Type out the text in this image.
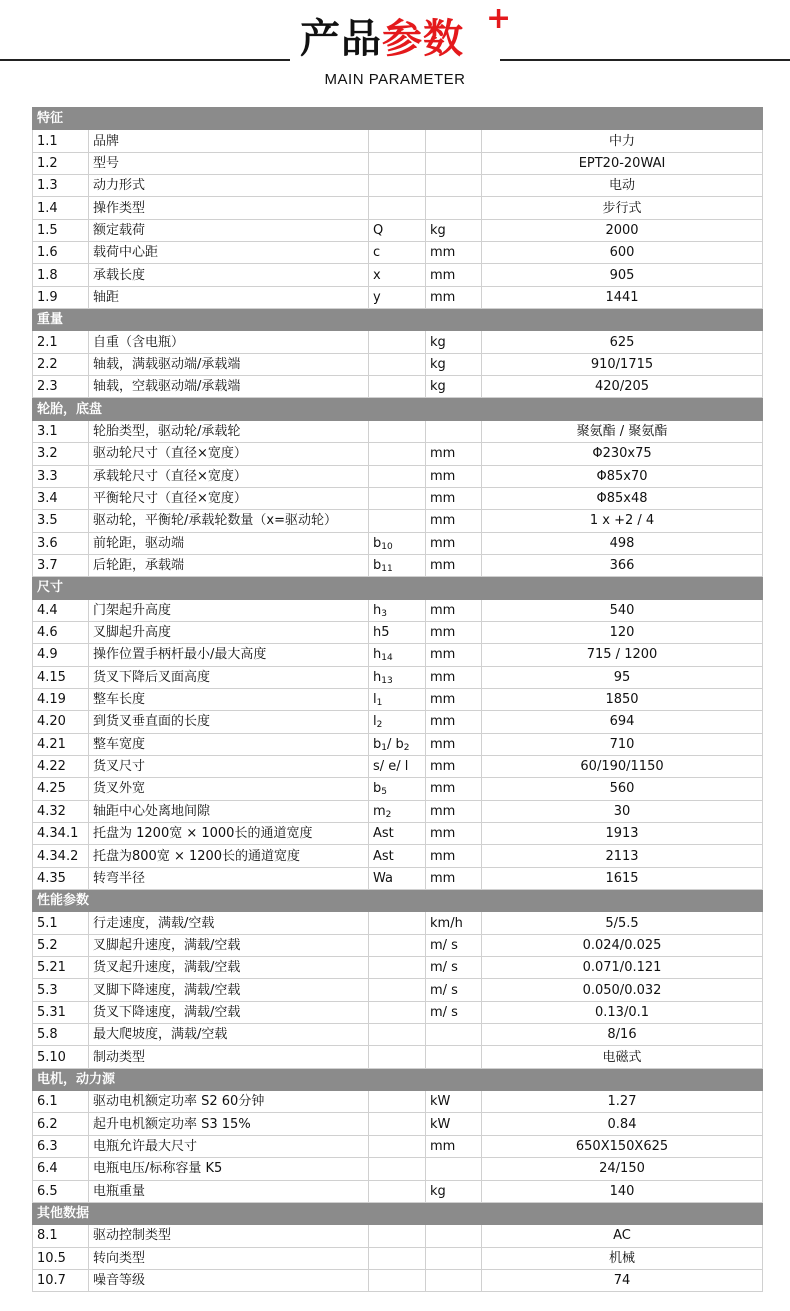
产品参数 +
MAIN PARAMETER
特征				
1.1	品牌			中力
1.2	型号			EPT20-20WAI
1.3	动力形式			电动
1.4	操作类型			步行式
1.5	额定载荷	Q	kg	2000
1.6	载荷中心距	c	mm	600
1.8	承载长度	x	mm	905
1.9	轴距	y	mm	1441
重量				
2.1	自重（含电瓶）		kg	625
2.2	轴载，满载驱动端/承载端		kg	910/1715
2.3	轴载，空载驱动端/承载端		kg	420/205
轮胎，底盘				
3.1	轮胎类型，驱动轮/承载轮			聚氨酯 / 聚氨酯
3.2	驱动轮尺寸（直径×宽度）		mm	Φ230x75
3.3	承载轮尺寸（直径×宽度）		mm	Φ85x70
3.4	平衡轮尺寸（直径×宽度）		mm	Φ85x48
3.5	驱动轮，平衡轮/承载轮数量（x=驱动轮）		mm	1 x +2 / 4
3.6	前轮距，驱动端	$b_{10}$	mm	498
3.7	后轮距，承载端	$b_{11}$	mm	366
尺寸				
4.4	门架起升高度	$h_3$	mm	540
4.6	叉脚起升高度	h5	mm	120
4.9	操作位置手柄杆最小/最大高度	$h_{14}$	mm	715 / 1200
4.15	货叉下降后叉面高度	$h_{13}$	mm	95
4.19	整车长度	$l_1$	mm	1850
4.20	到货叉垂直面的长度	$l_2$	mm	694
4.21	整车宽度	$b_1/$ $b_2$	mm	710
4.22	货叉尺寸	s/ e/ l	mm	60/190/1150
4.25	货叉外宽	$b_5$	mm	560
4.32	轴距中心处离地间隙	$m_2$	mm	30
4.34.1	托盘为 1200宽 × 1000长的通道宽度	Ast	mm	1913
4.34.2	托盘为800宽 × 1200长的通道宽度	Ast	mm	2113
4.35	转弯半径	Wa	mm	1615
性能参数				
5.1	行走速度，满载/空载		km/h	5/5.5
5.2	叉脚起升速度，满载/空载		m/ s	0.024/0.025
5.21	货叉起升速度，满载/空载		m/ s	0.071/0.121
5.3	叉脚下降速度，满载/空载		m/ s	0.050/0.032
5.31	货叉下降速度，满载/空载		m/ s	0.13/0.1
5.8	最大爬坡度，满载/空载			8/16
5.10	制动类型			电磁式
电机，动力源				
6.1	驱动电机额定功率 S2 60分钟		kW	1.27
6.2	起升电机额定功率 S3 15%		kW	0.84
6.3	电瓶允许最大尺寸		mm	650X150X625
6.4	电瓶电压/标称容量 K5			24/150
6.5	电瓶重量		kg	140
其他数据				
8.1	驱动控制类型			AC
10.5	转向类型			机械
10.7	噪音等级			74
